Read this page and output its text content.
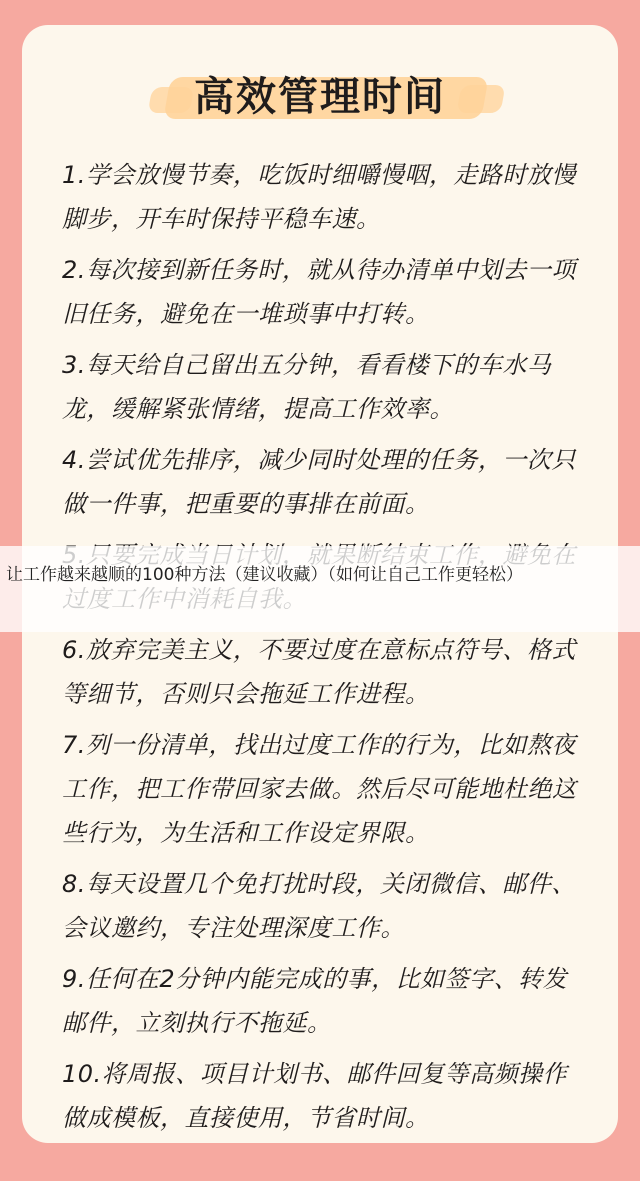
高效管理时间
1.学会放慢节奏，吃饭时细嚼慢咽，走路时放慢脚步，开车时保持平稳车速。
2.每次接到新任务时，就从待办清单中划去一项旧任务，避免在一堆琐事中打转。
3.每天给自己留出五分钟，看看楼下的车水马龙，缓解紧张情绪，提高工作效率。
4.尝试优先排序，减少同时处理的任务，一次只做一件事，把重要的事排在前面。
6.放弃完美主义，不要过度在意标点符号、格式等细节，否则只会拖延工作进程。
7.列一份清单，找出过度工作的行为，比如熬夜工作，把工作带回家去做。然后尽可能地杜绝这些行为，为生活和工作设定界限。
8.每天设置几个免打扰时段，关闭微信、邮件、会议邀约，专注处理深度工作。
9.任何在2分钟内能完成的事，比如签字、转发邮件，立刻执行不拖延。
10.将周报、项目计划书、邮件回复等高频操作做成模板，直接使用，节省时间。
让工作越来越顺的100种方法（建议收藏）（如何让自己工作更轻松）
